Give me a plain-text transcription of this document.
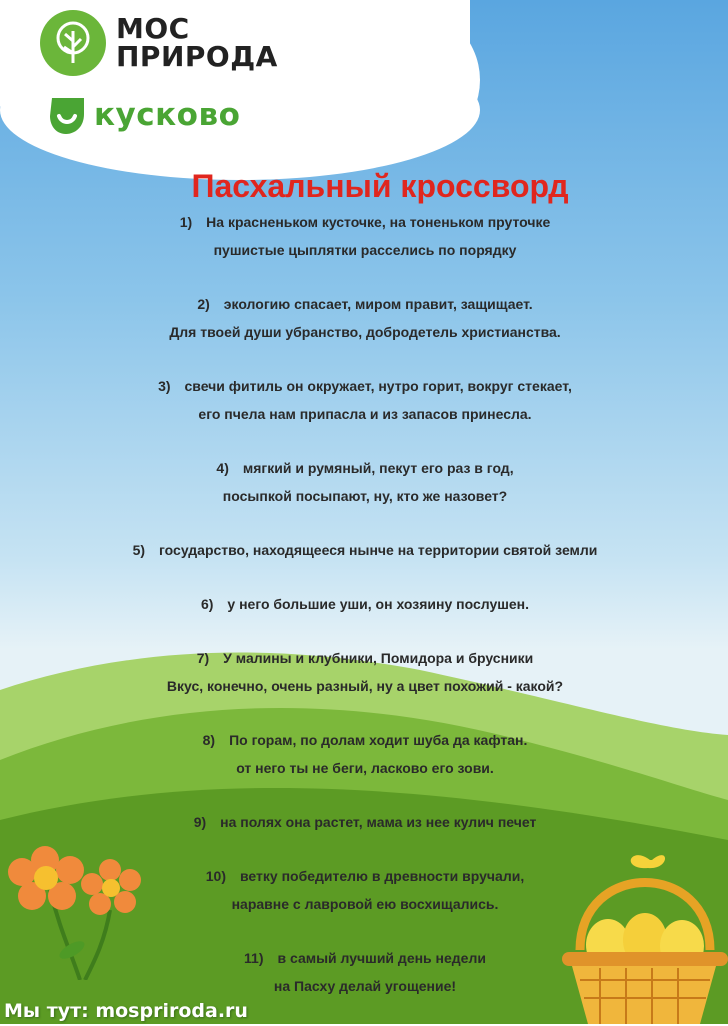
МОС
ПРИРОДА
кусково
Пасхальный кроссворд
1) На красненьком кусточке, на тоненьком пруточке
пушистые цыплятки расселись по порядку
2) экологию спасает, миром правит, защищает.
Для твоей души убранство, добродетель христианства.
3) свечи фитиль он окружает, нутро горит, вокруг стекает,
его пчела нам припасла и из запасов принесла.
4) мягкий и румяный, пекут его раз в год,
посыпкой посыпают, ну, кто же назовет?
5) государство, находящееся нынче на территории святой земли
6) у него большие уши, он хозяину послушен.
7) У малины и клубники, Помидора и брусники
Вкус, конечно, очень разный, ну а цвет похожий - какой?
8) По горам, по долам ходит шуба да кафтан.
от него ты не беги, ласково его зови.
9) на полях она растет, мама из нее кулич печет
10) ветку победителю в древности вручали,
наравне с лавровой ею восхищались.
11) в самый лучший день недели
на Пасху делай угощение!
Мы тут: mosprirodа.ru
